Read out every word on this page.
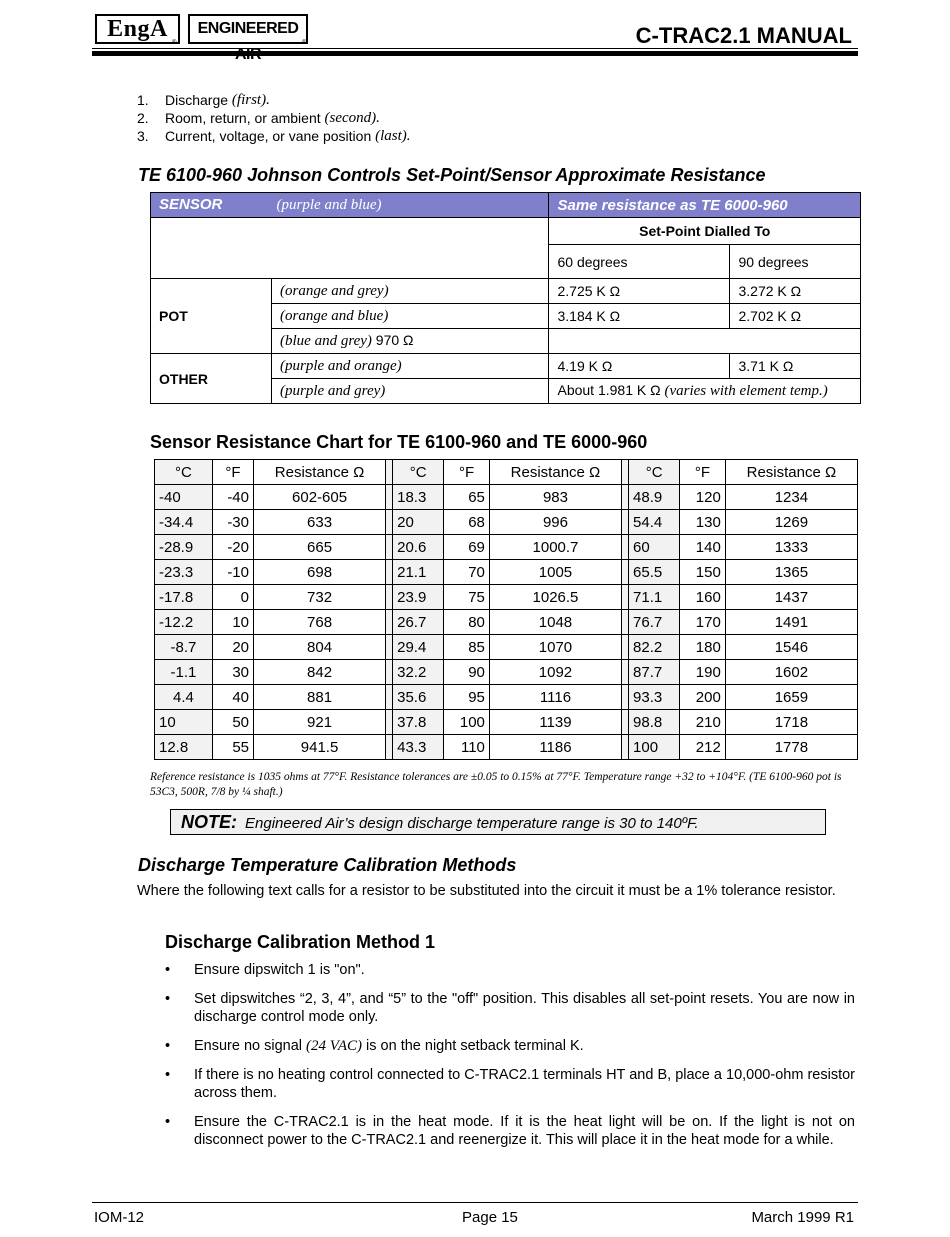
EngA
®
ENGINEERED
®	C-TRAC2.1 MANUAL
1.	Discharge
(first).
2.	Room, return, or ambient
(second).
3.	Current, voltage, or vane position
(last).
TE 6100-960 Johnson Controls Set-Point/Sensor Approximate Resistance
SENSOR (purple and blue)		Same resistance as TE 6000-960	
		Set-Point Dialled To	
		60 degrees	90 degrees
POT	(orange and grey)	2.725 K Ω	3.272 K Ω
	(orange and blue)	3.184 K Ω	2.702 K Ω
	(blue and grey) 970 Ω		
OTHER	(purple and orange)	4.19 K Ω	3.71 K Ω
	(purple and grey)	About 1.981 K Ω (varies with element temp.)	
Sensor Resistance Chart for TE 6100-960 and TE 6000-960
°C	°F	Resistance Ω		°C	°F	Resistance Ω		°C	°F	Resistance Ω
-40	-40	602-605		18.3	65	983		48.9	120	1234
-34.4	-30	633		20	68	996		54.4	130	1269
-28.9	-20	665		20.6	69	1000.7		60	140	1333
-23.3	-10	698		21.1	70	1005		65.5	150	1365
-17.8	0	732		23.9	75	1026.5		71.1	160	1437
-12.2	10	768		26.7	80	1048		76.7	170	1491
-8.7	20	804		29.4	85	1070		82.2	180	1546
-1.1	30	842		32.2	90	1092		87.7	190	1602
4.4	40	881		35.6	95	1116		93.3	200	1659
10	50	921		37.8	100	1139		98.8	210	1718
12.8	55	941.5		43.3	110	1186		100	212	1778
Reference resistance is 1035 ohms at 77°F. Resistance tolerances are ±0.05 to 0.15% at 77°F. Temperature range +32 to +104°F. (TE 6100-960 pot is 53C3, 500R, 7/8 by ¼ shaft.)
NOTE: Engineered Air’s design discharge temperature range is 30 to 140ºF.
Discharge Temperature Calibration Methods
Where the following text calls for a resistor to be substituted into the circuit it must be a 1% tolerance resistor.
Discharge Calibration Method 1
•	Ensure dipswitch 1 is "on".
•	Set dipswitches “2, 3, 4”, and “5” to the "off" position. This disables all set-point resets. You are now in discharge control mode only.
•	Ensure no signal (24 VAC) is on the night setback terminal K.
•	If there is no heating control connected to C-TRAC2.1 terminals HT and B, place a 10,000-ohm resistor across them.
•	Ensure the C-TRAC2.1 is in the heat mode. If it is the heat light will be on. If the light is not on disconnect power to the C-TRAC2.1 and reenergize it. This will place it in the heat mode for a while.
IOM-12	Page 15	March 1999 R1
